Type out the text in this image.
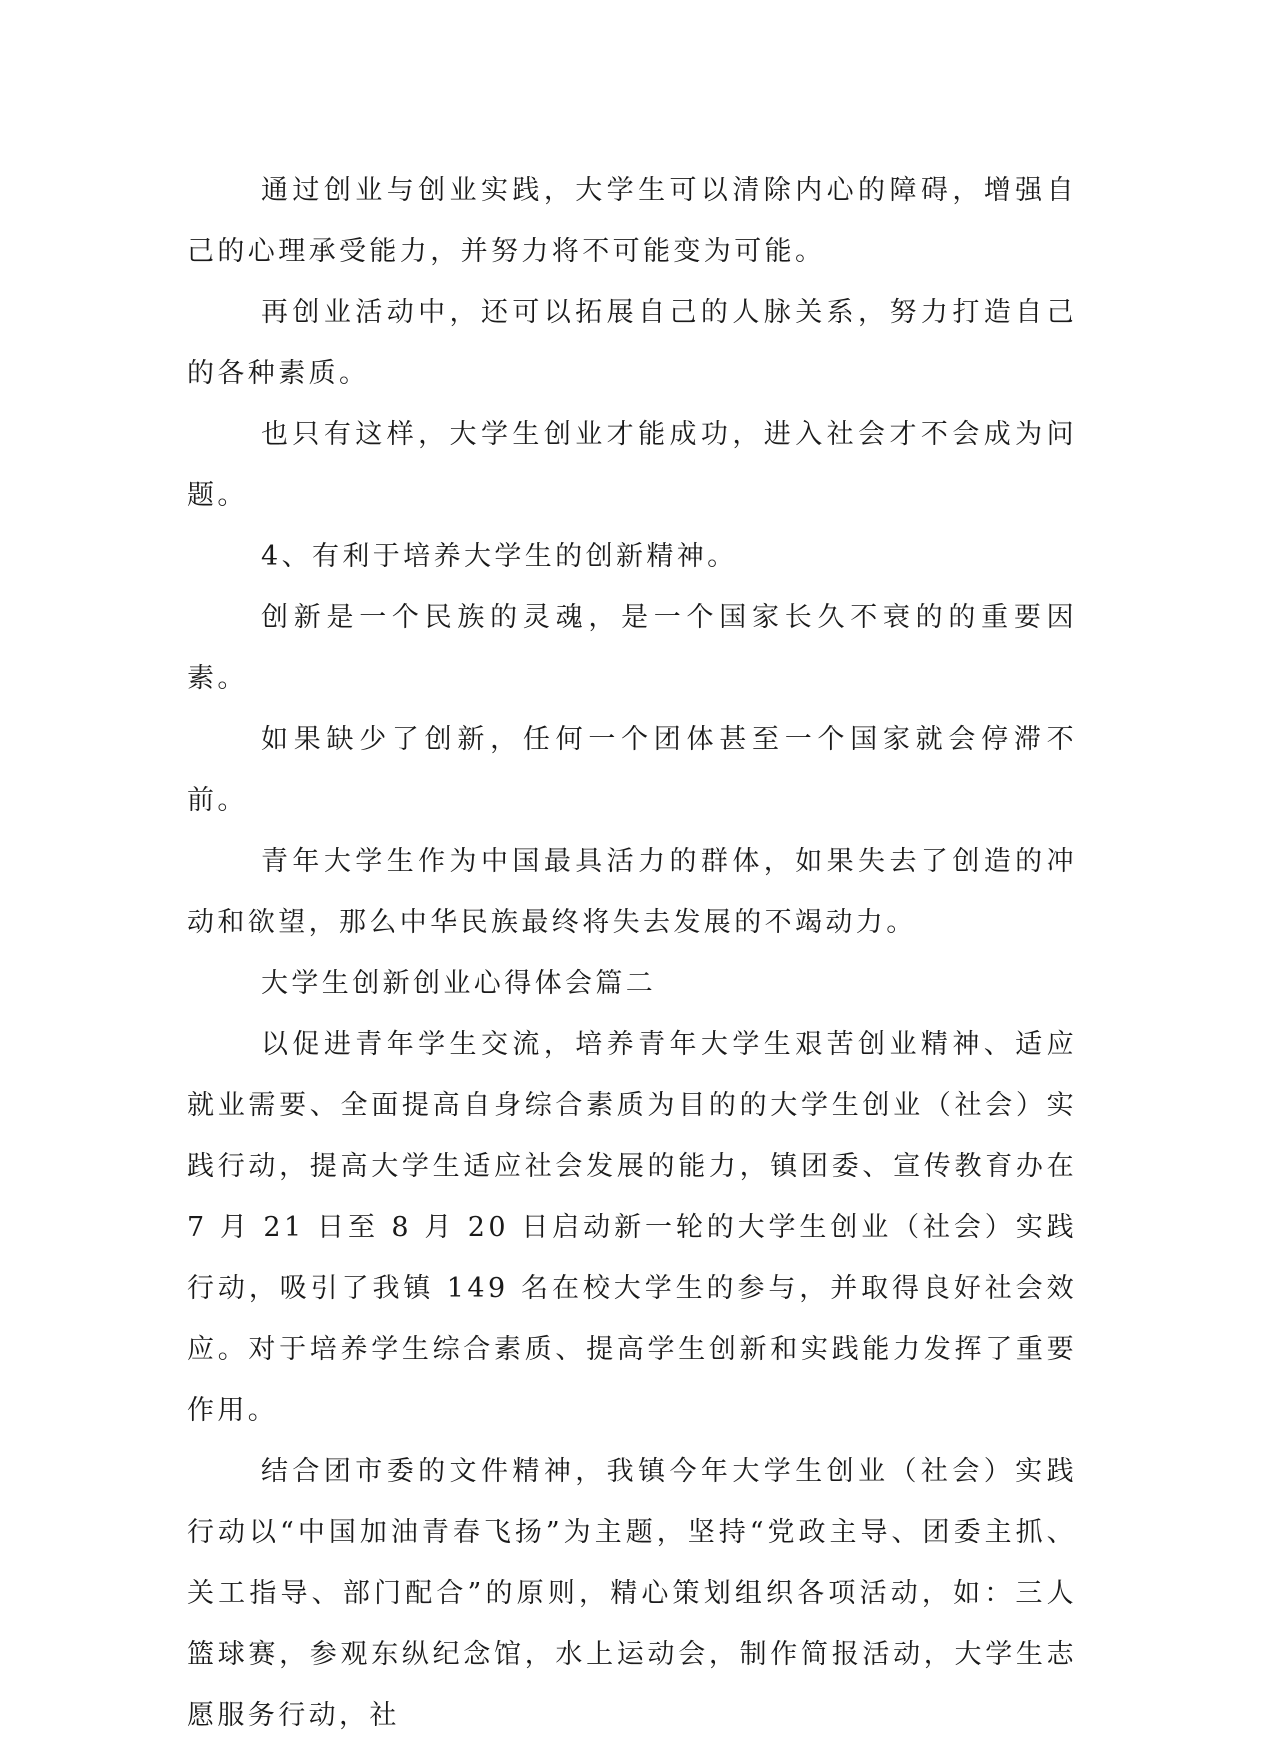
通过创业与创业实践，大学生可以清除内心的障碍，增强自己的心理承受能力，并努力将不可能变为可能。

再创业活动中，还可以拓展自己的人脉关系，努力打造自己的各种素质。

也只有这样，大学生创业才能成功，进入社会才不会成为问题。

4、有利于培养大学生的创新精神。

创新是一个民族的灵魂，是一个国家长久不衰的的重要因素。

如果缺少了创新，任何一个团体甚至一个国家就会停滞不前。

青年大学生作为中国最具活力的群体，如果失去了创造的冲动和欲望，那么中华民族最终将失去发展的不竭动力。

大学生创新创业心得体会篇二

以促进青年学生交流，培养青年大学生艰苦创业精神、适应就业需要、全面提高自身综合素质为目的的大学生创业（社会）实践行动，提高大学生适应社会发展的能力，镇团委、宣传教育办在 7 月 21 日至 8 月 20 日启动新一轮的大学生创业（社会）实践行动，吸引了我镇 149 名在校大学生的参与，并取得良好社会效应。对于培养学生综合素质、提高学生创新和实践能力发挥了重要作用。

结合团市委的文件精神，我镇今年大学生创业（社会）实践行动以“中国加油青春飞扬”为主题，坚持“党政主导、团委主抓、关工指导、部门配合”的原则，精心策划组织各项活动，如：三人篮球赛，参观东纵纪念馆，水上运动会，制作简报活动，大学生志愿服务行动，社
